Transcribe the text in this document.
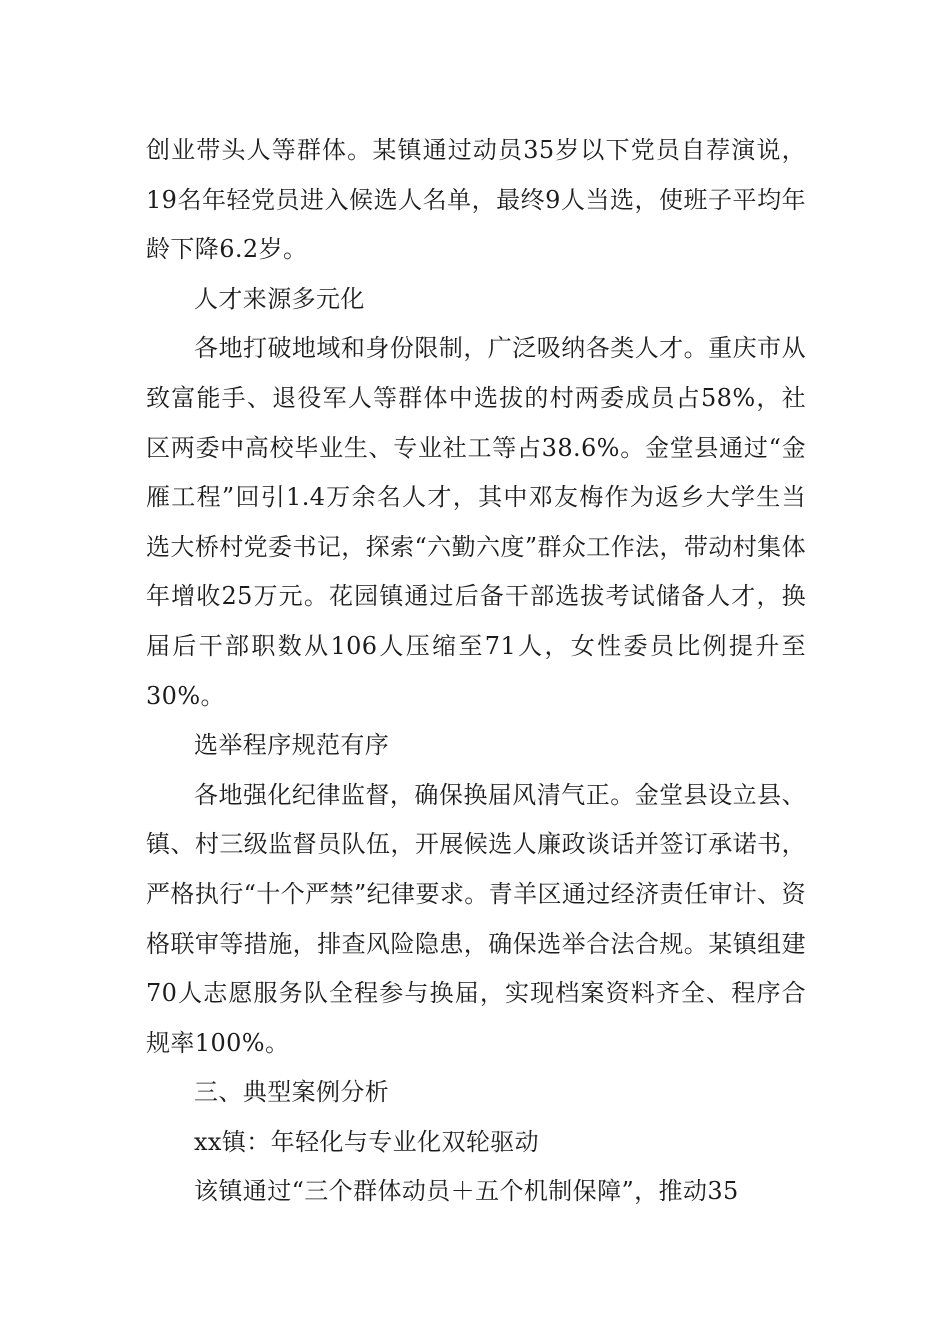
创业带头人等群体。某镇通过动员35岁以下党员自荐演说，19名年轻党员进入候选人名单，最终9人当选，使班子平均年龄下降6.2岁。

人才来源多元化

各地打破地域和身份限制，广泛吸纳各类人才。重庆市从致富能手、退役军人等群体中选拔的村两委成员占58%，社区两委中高校毕业生、专业社工等占38.6%。金堂县通过“金雁工程”回引1.4万余名人才，其中邓友梅作为返乡大学生当选大桥村党委书记，探索“六勤六度”群众工作法，带动村集体年增收25万元。花园镇通过后备干部选拔考试储备人才，换届后干部职数从106人压缩至71人，女性委员比例提升至30%。

选举程序规范有序

各地强化纪律监督，确保换届风清气正。金堂县设立县、镇、村三级监督员队伍，开展候选人廉政谈话并签订承诺书，严格执行“十个严禁”纪律要求。青羊区通过经济责任审计、资格联审等措施，排查风险隐患，确保选举合法合规。某镇组建70人志愿服务队全程参与换届，实现档案资料齐全、程序合规率100%。

三、典型案例分析

xx镇：年轻化与专业化双轮驱动

该镇通过“三个群体动员＋五个机制保障”，推动35
